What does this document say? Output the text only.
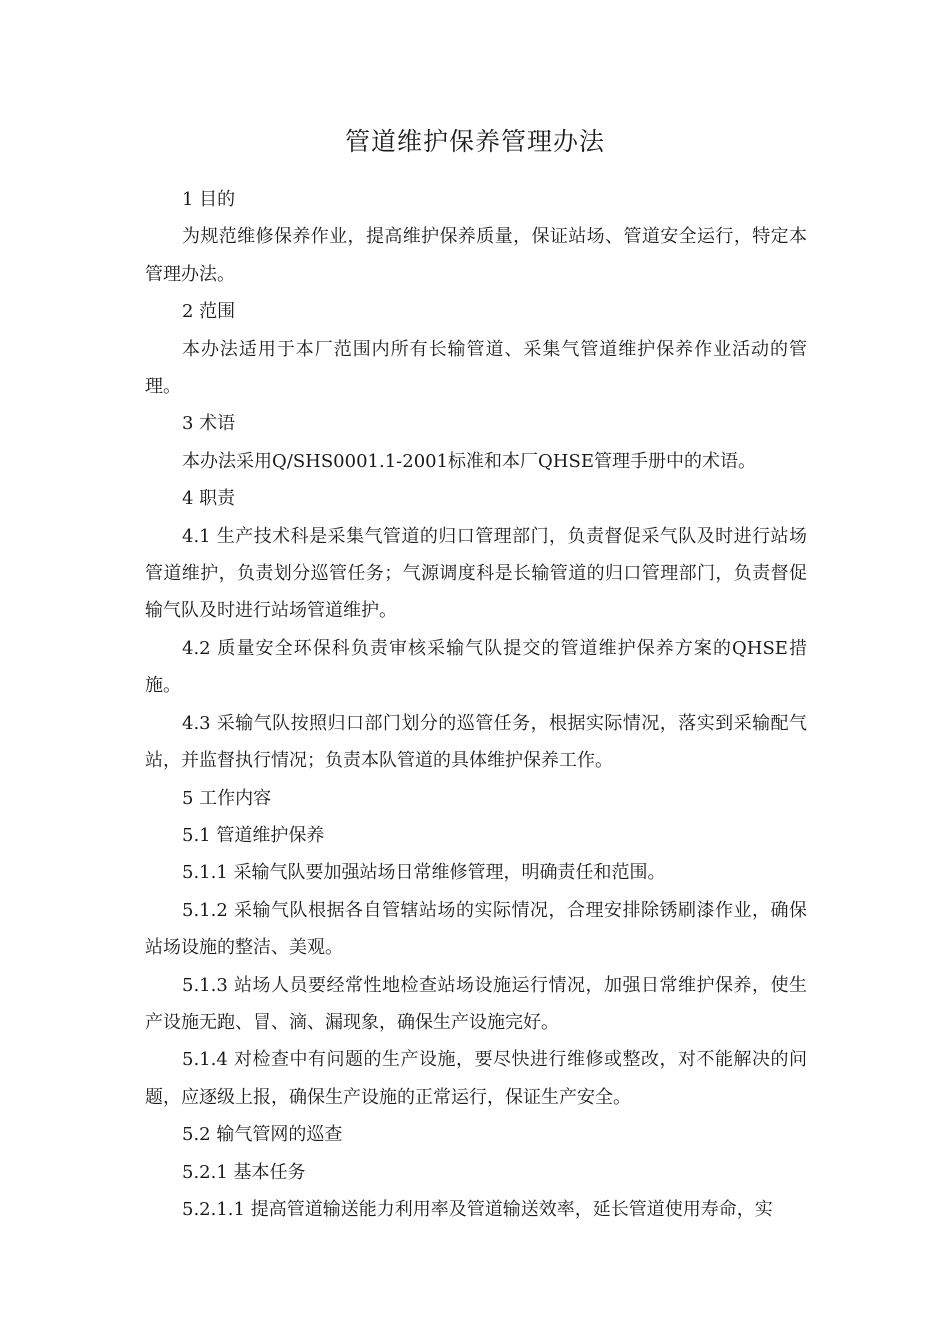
管道维护保养管理办法

1 目的

为规范维修保养作业，提高维护保养质量，保证站场、管道安全运行，特定本管理办法。

2 范围

本办法适用于本厂范围内所有长输管道、采集气管道维护保养作业活动的管理。

3 术语

本办法采用Q/SHS0001.1-2001标准和本厂QHSE管理手册中的术语。

4 职责

4.1 生产技术科是采集气管道的归口管理部门，负责督促采气队及时进行站场管道维护，负责划分巡管任务；气源调度科是长输管道的归口管理部门，负责督促输气队及时进行站场管道维护。

4.2 质量安全环保科负责审核采输气队提交的管道维护保养方案的QHSE措施。

4.3 采输气队按照归口部门划分的巡管任务，根据实际情况，落实到采输配气站，并监督执行情况；负责本队管道的具体维护保养工作。

5 工作内容

5.1 管道维护保养

5.1.1 采输气队要加强站场日常维修管理，明确责任和范围。

5.1.2 采输气队根据各自管辖站场的实际情况，合理安排除锈刷漆作业，确保站场设施的整洁、美观。

5.1.3 站场人员要经常性地检查站场设施运行情况，加强日常维护保养，使生产设施无跑、冒、滴、漏现象，确保生产设施完好。

5.1.4 对检查中有问题的生产设施，要尽快进行维修或整改，对不能解决的问题，应逐级上报，确保生产设施的正常运行，保证生产安全。

5.2 输气管网的巡查

5.2.1 基本任务

5.2.1.1 提高管道输送能力利用率及管道输送效率，延长管道使用寿命，实
